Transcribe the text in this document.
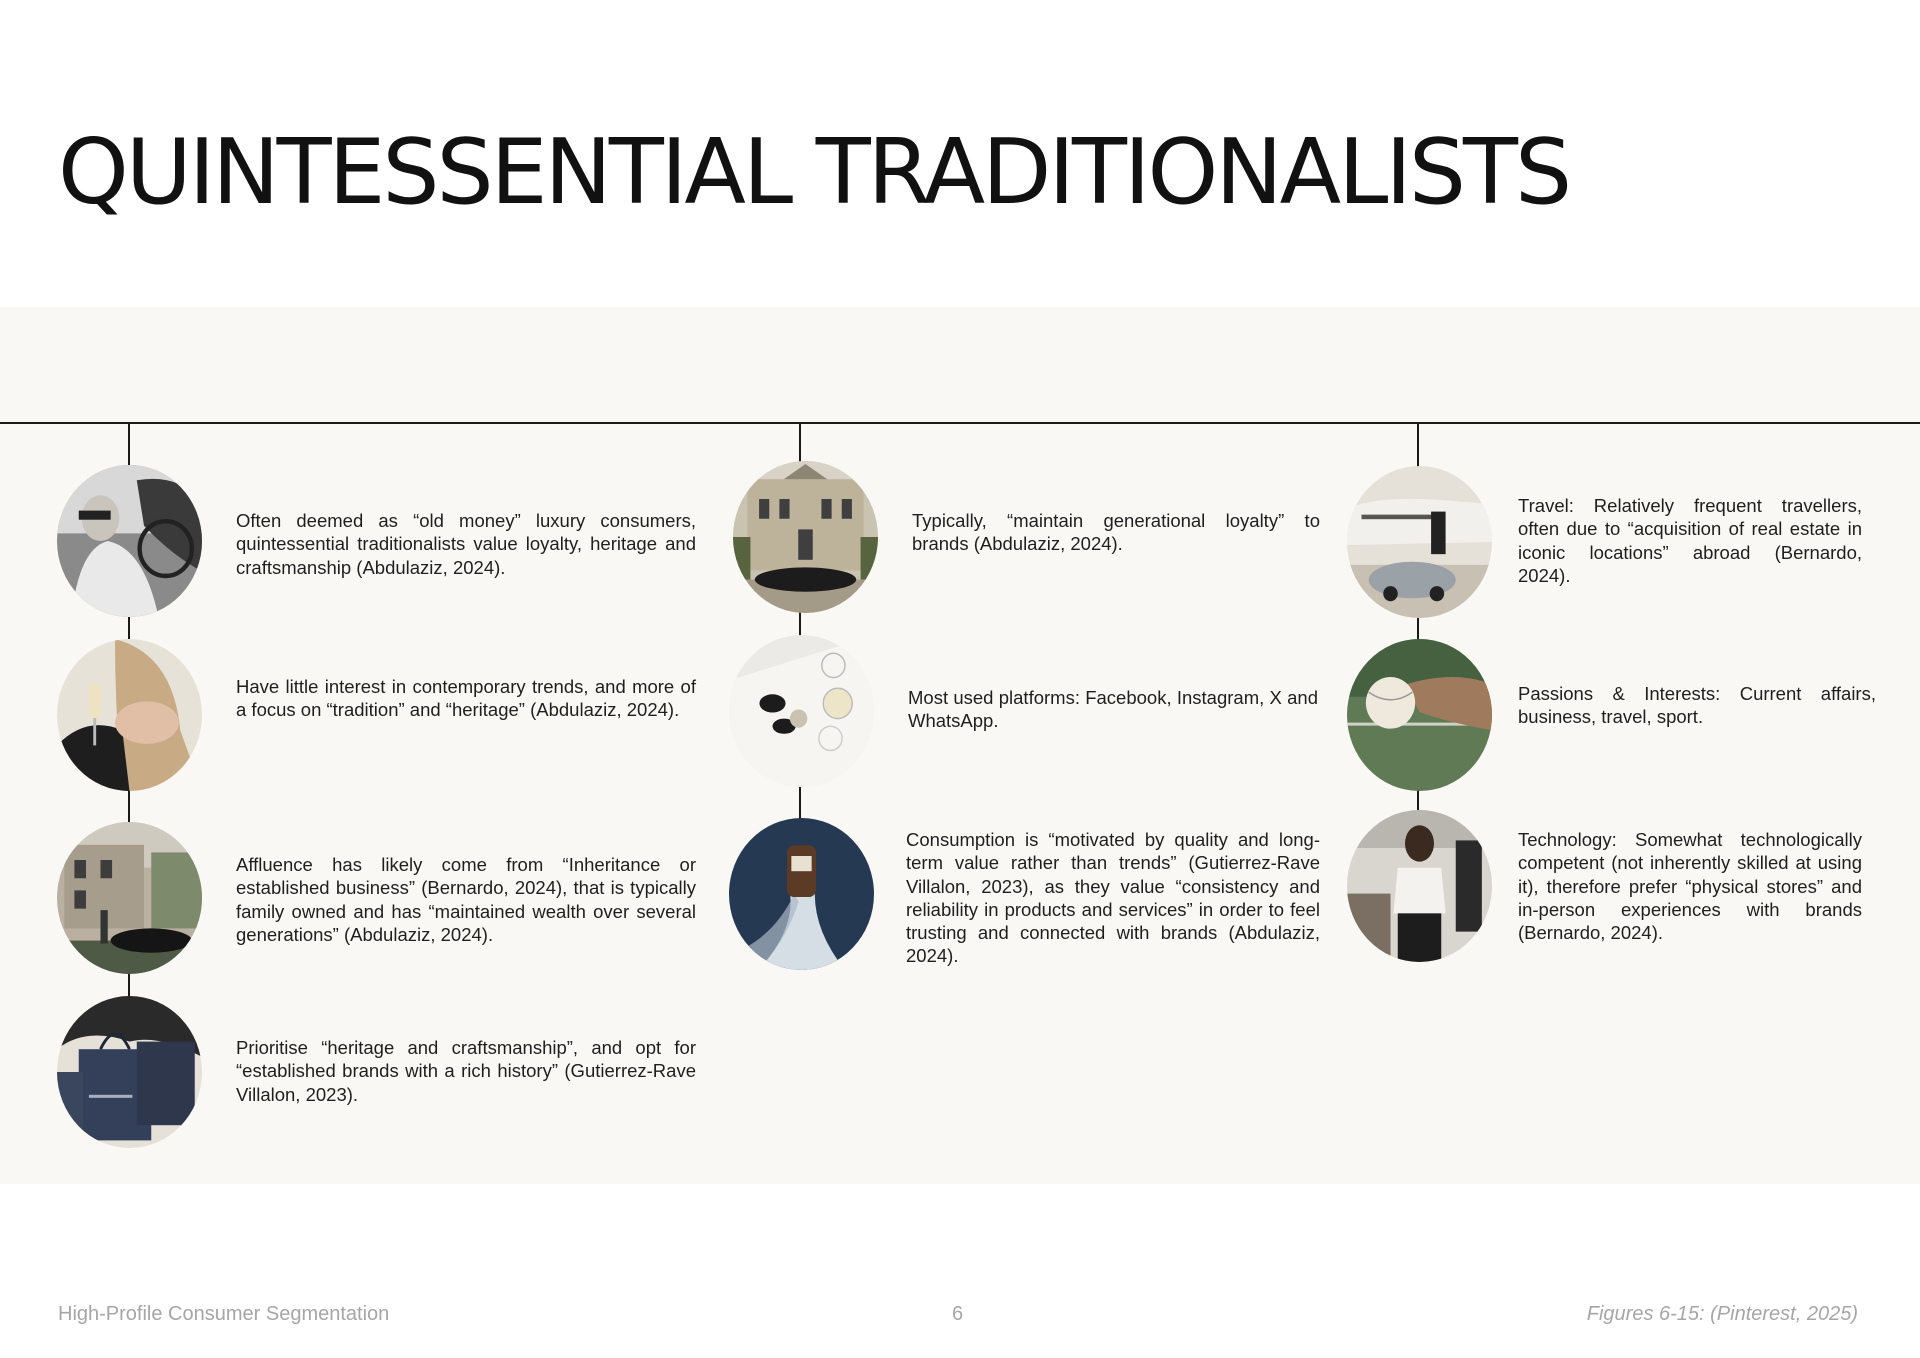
QUINTESSENTIAL TRADITIONALISTS

Often deemed as “old money” luxury consumers, quintessential traditionalists value loyalty, heritage and craftsmanship (Abdulaziz, 2024).

Have little interest in contemporary trends, and more of a focus on “tradition” and “heritage” (Abdulaziz, 2024).

Affluence has likely come from “Inheritance or established business” (Bernardo, 2024), that is typically family owned and has “maintained wealth over several generations” (Abdulaziz, 2024).

Prioritise “heritage and craftsmanship”, and opt for “established brands with a rich history” (Gutierrez-Rave Villalon, 2023).

Typically, “maintain generational loyalty” to brands (Abdulaziz, 2024).

Most used platforms: Facebook, Instagram, X and WhatsApp.

Consumption is “motivated by quality and long-term value rather than trends” (Gutierrez-Rave Villalon, 2023), as they value “consistency and reliability in products and services” in order to feel trusting and connected with brands (Abdulaziz, 2024).

Travel: Relatively frequent travellers, often due to “acquisition of real estate in iconic locations” abroad (Bernardo, 2024).

Passions & Interests: Current affairs, business, travel, sport.

Technology: Somewhat technologically competent (not inherently skilled at using it), therefore prefer “physical stores” and in-person experiences with brands (Bernardo, 2024).

High-Profile Consumer Segmentation	6	Figures 6-15: (Pinterest, 2025)
